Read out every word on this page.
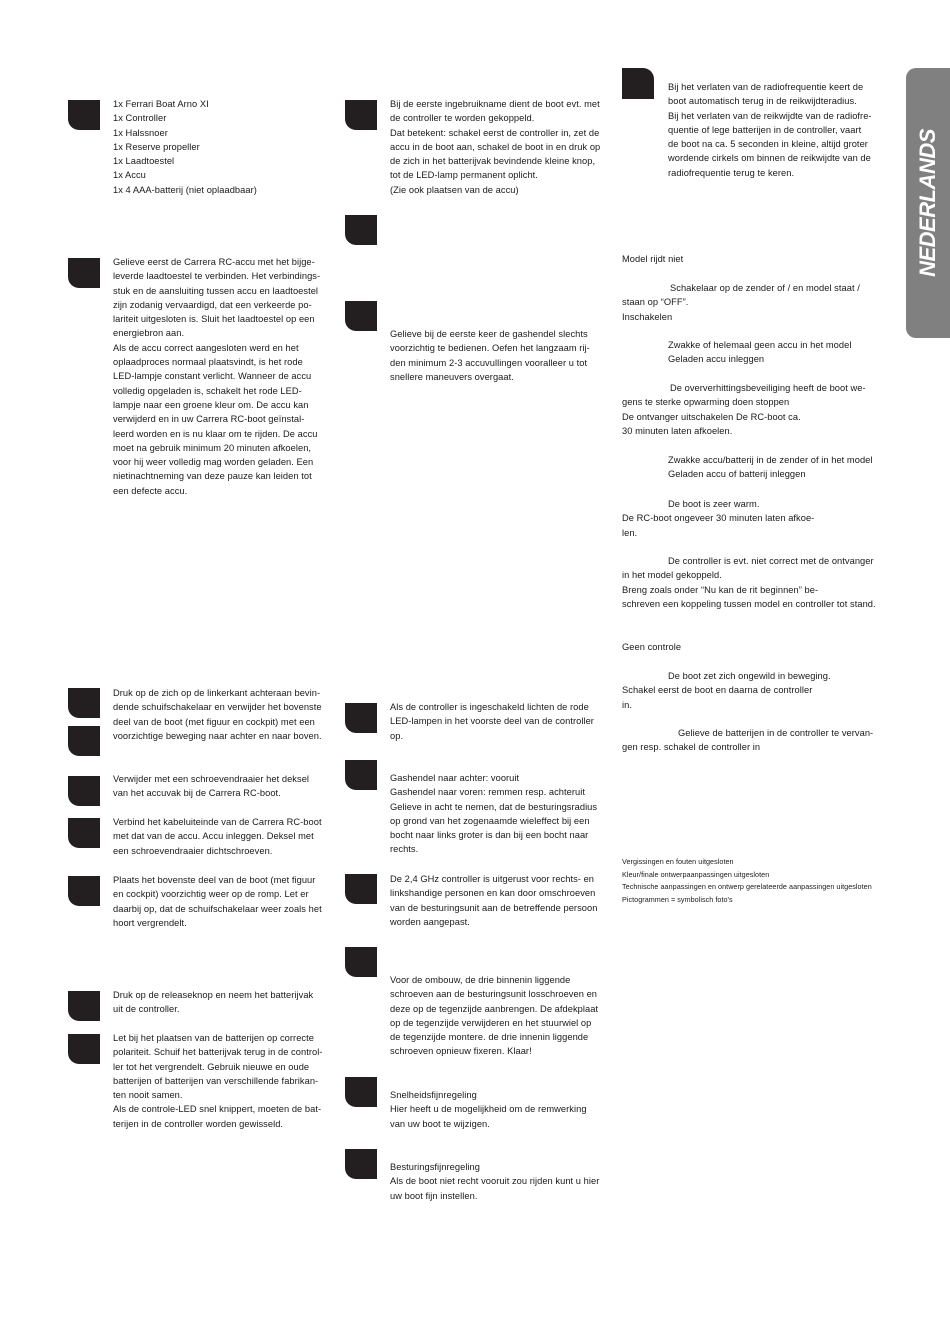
NEDERLANDS
1x Ferrari Boat Arno XI
1x Controller
1x Halssnoer
1x Reserve propeller
1x Laadtoestel
1x Accu
1x 4 AAA-batterij (niet oplaadbaar)
Gelieve eerst de Carrera RC-accu met het bijge-
leverde laadtoestel te verbinden. Het verbindings-
stuk en de aansluiting tussen accu en laadtoestel
zijn zodanig vervaardigd, dat een verkeerde po-
lariteit uitgesloten is. Sluit het laadtoestel op een
energiebron aan.
Als de accu correct aangesloten werd en het
oplaadproces normaal plaatsvindt, is het rode
LED-lampje constant verlicht. Wanneer de accu
volledig opgeladen is, schakelt het rode LED-
lampje naar een groene kleur om. De accu kan
verwijderd en in uw Carrera RC-boot geïnstal-
leerd worden en is nu klaar om te rijden. De accu
moet na gebruik minimum 20 minuten afkoelen,
voor hij weer volledig mag worden geladen. Een
nietinachtneming van deze pauze kan leiden tot
een defecte accu.
Druk op de zich op de linkerkant achteraan bevin-
dende schuifschakelaar en verwijder het bovenste
deel van de boot (met figuur en cockpit) met een
voorzichtige beweging naar achter en naar boven.
Verwijder met een schroevendraaier het deksel
van het accuvak bij de Carrera RC-boot.
Verbind het kabeluiteinde van de Carrera RC-boot
met dat van de accu. Accu inleggen. Deksel met
een schroevendraaier dichtschroeven.
Plaats het bovenste deel van de boot (met figuur
en cockpit) voorzichtig weer op de romp. Let er
daarbij op, dat de schuifschakelaar weer zoals het
hoort vergrendelt.
Druk op de releaseknop en neem het batterijvak
uit de controller.
Let bij het plaatsen van de batterijen op correcte
polariteit. Schuif het batterijvak terug in de control-
ler tot het vergrendelt. Gebruik nieuwe en oude
batterijen of batterijen van verschillende fabrikan-
ten nooit samen.
Als de controle-LED snel knippert, moeten de bat-
terijen in de controller worden gewisseld.
Bij de eerste ingebruikname dient de boot evt. met
de controller te worden gekoppeld.
Dat betekent: schakel eerst de controller in, zet de
accu in de boot aan, schakel de boot in en druk op
de zich in het batterijvak bevindende kleine knop,
tot de LED-lamp permanent oplicht.
(Zie ook plaatsen van de accu)
Gelieve bij de eerste keer de gashendel slechts
voorzichtig te bedienen. Oefen het langzaam rij-
den minimum 2-3 accuvullingen vooralleer u tot
snellere maneuvers overgaat.
Als de controller is ingeschakeld lichten de rode
LED-lampen in het voorste deel van de controller
op.
Gashendel naar achter: vooruit
Gashendel naar voren: remmen resp. achteruit
Gelieve in acht te nemen, dat de besturingsradius
op grond van het zogenaamde wieleffect bij een
bocht naar links groter is dan bij een bocht naar
rechts.
De 2,4 GHz controller is uitgerust voor rechts- en
linkshandige personen en kan door omschroeven
van de besturingsunit aan de betreffende persoon
worden aangepast.
Voor de ombouw, de drie binnenin liggende
schroeven aan de besturingsunit losschroeven en
deze op de tegenzijde aanbrengen. De afdekplaat
op de tegenzijde verwijderen en het stuurwiel op
de tegenzijde montere. de drie innenin liggende
schroeven opnieuw fixeren. Klaar!
Snelheidsfijnregeling
Hier heeft u de mogelijkheid om de remwerking
van uw boot te wijzigen.
Besturingsfijnregeling
Als de boot niet recht vooruit zou rijden kunt u hier
uw boot fijn instellen.
Bij het verlaten van de radiofrequentie keert de
boot automatisch terug in de reikwijdteradius.
Bij het verlaten van de reikwijdte van de radiofre-
quentie of lege batterijen in de controller, vaart
de boot na ca. 5 seconden in kleine, altijd groter
wordende cirkels om binnen de reikwijdte van de
radiofrequentie terug te keren.
Model rijdt niet
Schakelaar op de zender of / en model staat /
staan op “OFF”.
Inschakelen
Zwakke of helemaal geen accu in het model
Geladen accu inleggen
De oververhittingsbeveiliging heeft de boot we-
gens te sterke opwarming doen stoppen
De ontvanger uitschakelen De RC-boot ca.
30 minuten laten afkoelen.
Zwakke accu/batterij in de zender of in het model
Geladen accu of batterij inleggen
De boot is zeer warm.
De RC-boot ongeveer 30 minuten laten afkoe-
len.
De controller is evt. niet correct met de ontvanger
in het model gekoppeld.
Breng zoals onder “Nu kan de rit beginnen” be-
schreven een koppeling tussen model en controller tot stand.
Geen controle
De boot zet zich ongewild in beweging.
Schakel eerst de boot en daarna de controller
in.
Gelieve de batterijen in de controller te vervan-
gen resp. schakel de controller in
Vergissingen en fouten uitgesloten
Kleur/finale ontwerpaanpassingen uitgesloten
Technische aanpassingen en ontwerp gerelateerde aanpassingen uitgesloten
Pictogrammen = symbolisch foto's
